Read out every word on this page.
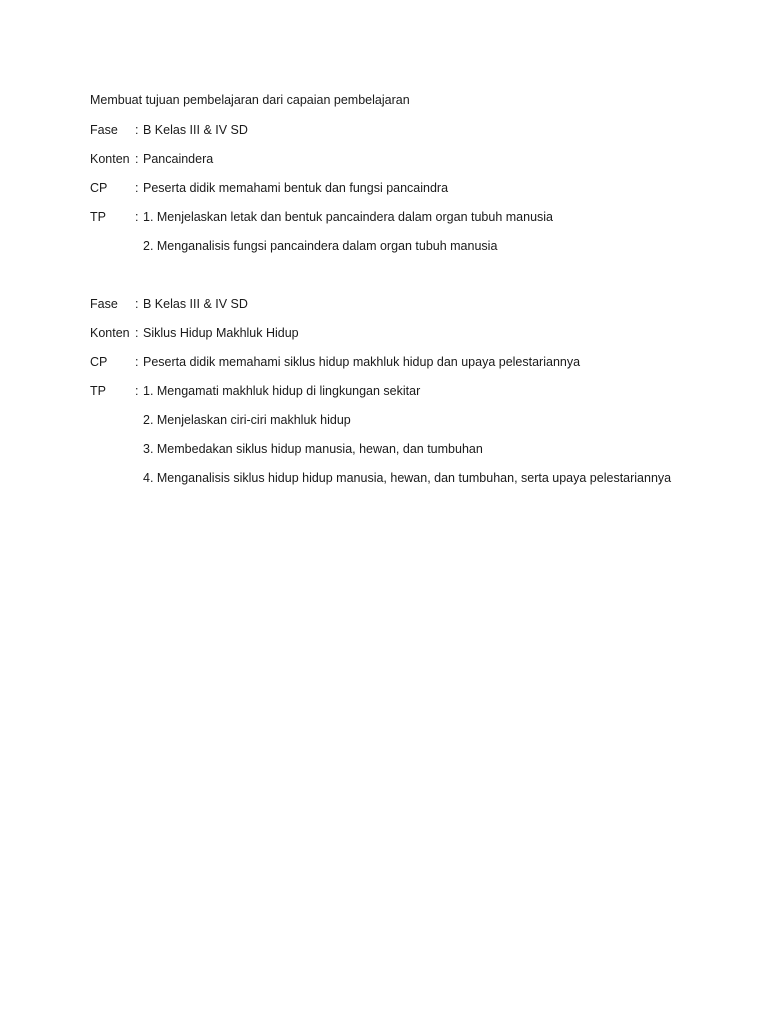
Membuat tujuan pembelajaran dari capaian pembelajaran
Fase	: B Kelas III & IV SD
Konten : Pancaindera
CP	: Peserta didik memahami bentuk dan fungsi pancaindra
TP	: 1. Menjelaskan letak dan bentuk pancaindera dalam organ tubuh manusia
2. Menganalisis fungsi pancaindera dalam organ tubuh manusia
Fase	: B Kelas III & IV SD
Konten : Siklus Hidup Makhluk Hidup
CP	: Peserta didik memahami siklus hidup makhluk hidup dan upaya pelestariannya
TP	: 1. Mengamati makhluk hidup di lingkungan sekitar
2. Menjelaskan ciri-ciri makhluk hidup
3. Membedakan siklus hidup manusia, hewan, dan tumbuhan
4. Menganalisis siklus hidup hidup manusia, hewan, dan tumbuhan, serta upaya pelestariannya
